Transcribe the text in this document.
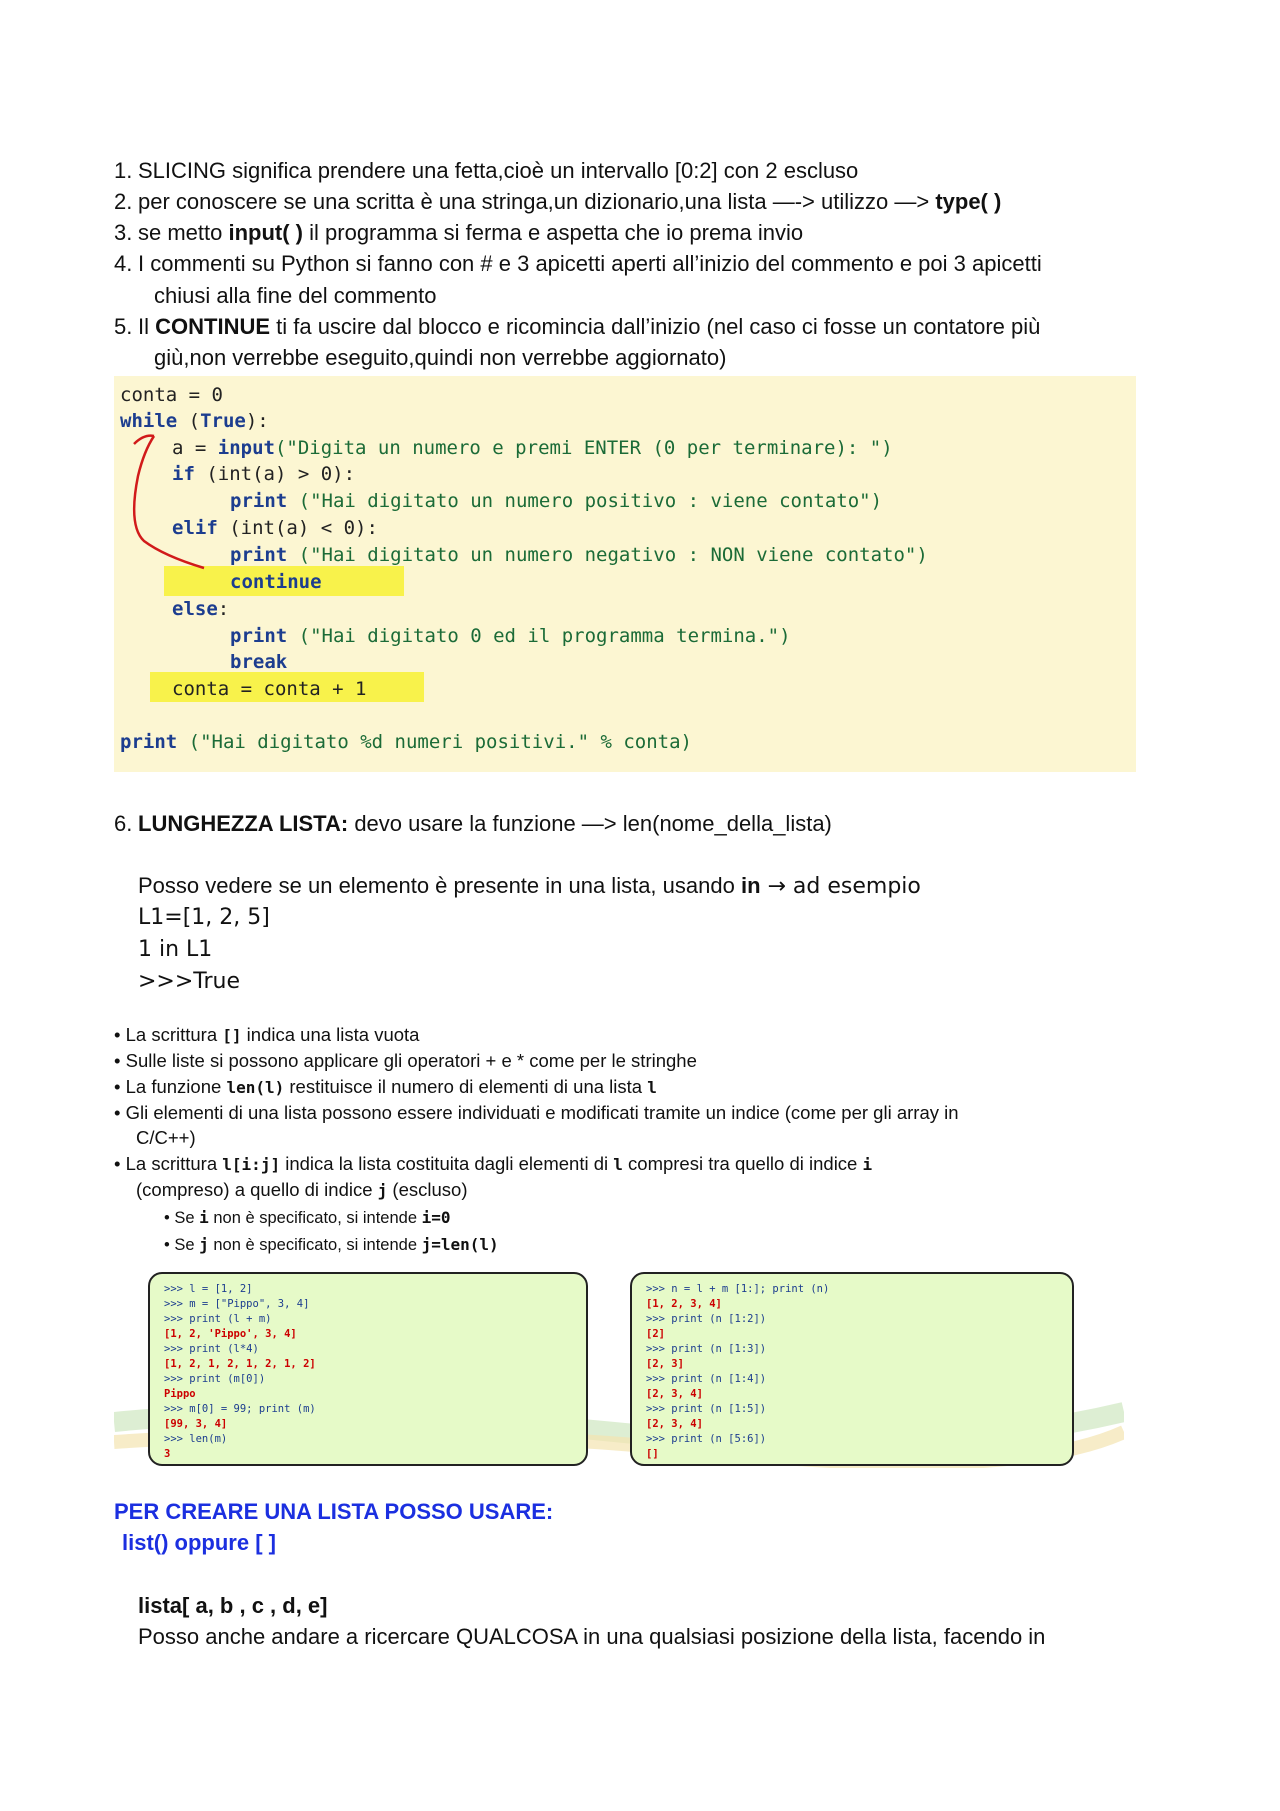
1. SLICING significa prendere una fetta,cioè un intervallo [0:2] con 2 escluso
2. per conoscere se una scritta è una stringa,un dizionario,una lista —-> utilizzo —> type( )
3. se metto input( ) il programma si ferma e aspetta che io prema invio
4. I commenti su Python si fanno con # e 3 apicetti aperti all’inizio del commento e poi 3 apicetti
chiusi alla fine del commento
5. Il CONTINUE ti fa uscire dal blocco e ricomincia dall’inizio (nel caso ci fosse un contatore più
giù,non verrebbe eseguito,quindi non verrebbe aggiornato)
conta = 0
while (True):
a = input("Digita un numero e premi ENTER (0 per terminare): ")
if (int(a) > 0):
print ("Hai digitato un numero positivo : viene contato")
elif (int(a) < 0):
print ("Hai digitato un numero negativo : NON viene contato")
continue
else:
print ("Hai digitato 0 ed il programma termina.")
break
conta = conta + 1
print ("Hai digitato %d numeri positivi." % conta)
6. LUNGHEZZA LISTA: devo usare la funzione —> len(nome_della_lista)
Posso vedere se un elemento è presente in una lista, usando in → ad esempio
L1=[1, 2, 5]
1 in L1
>>>True
• La scrittura [] indica una lista vuota
• Sulle liste si possono applicare gli operatori + e * come per le stringhe
• La funzione len(l) restituisce il numero di elementi di una lista l
• Gli elementi di una lista possono essere individuati e modificati tramite un indice (come per gli array in
C/C++)
• La scrittura l[i:j] indica la lista costituita dagli elementi di l compresi tra quello di indice i
(compreso) a quello di indice j (escluso)
• Se i non è specificato, si intende i=0
• Se j non è specificato, si intende j=len(l)
>>> l = [1, 2]
>>> m = ["Pippo", 3, 4]
>>> print (l + m)
[1, 2, 'Pippo', 3, 4]
>>> print (l*4)
[1, 2, 1, 2, 1, 2, 1, 2]
>>> print (m[0])
Pippo
>>> m[0] = 99; print (m)
[99, 3, 4]
>>> len(m)
3
>>> n = l + m [1:]; print (n)
[1, 2, 3, 4]
>>> print (n [1:2])
[2]
>>> print (n [1:3])
[2, 3]
>>> print (n [1:4])
[2, 3, 4]
>>> print (n [1:5])
[2, 3, 4]
>>> print (n [5:6])
[]
PER CREARE UNA LISTA POSSO USARE:
list() oppure [ ]
lista[ a, b , c , d, e]
Posso anche andare a ricercare QUALCOSA in una qualsiasi posizione della lista, facendo in
